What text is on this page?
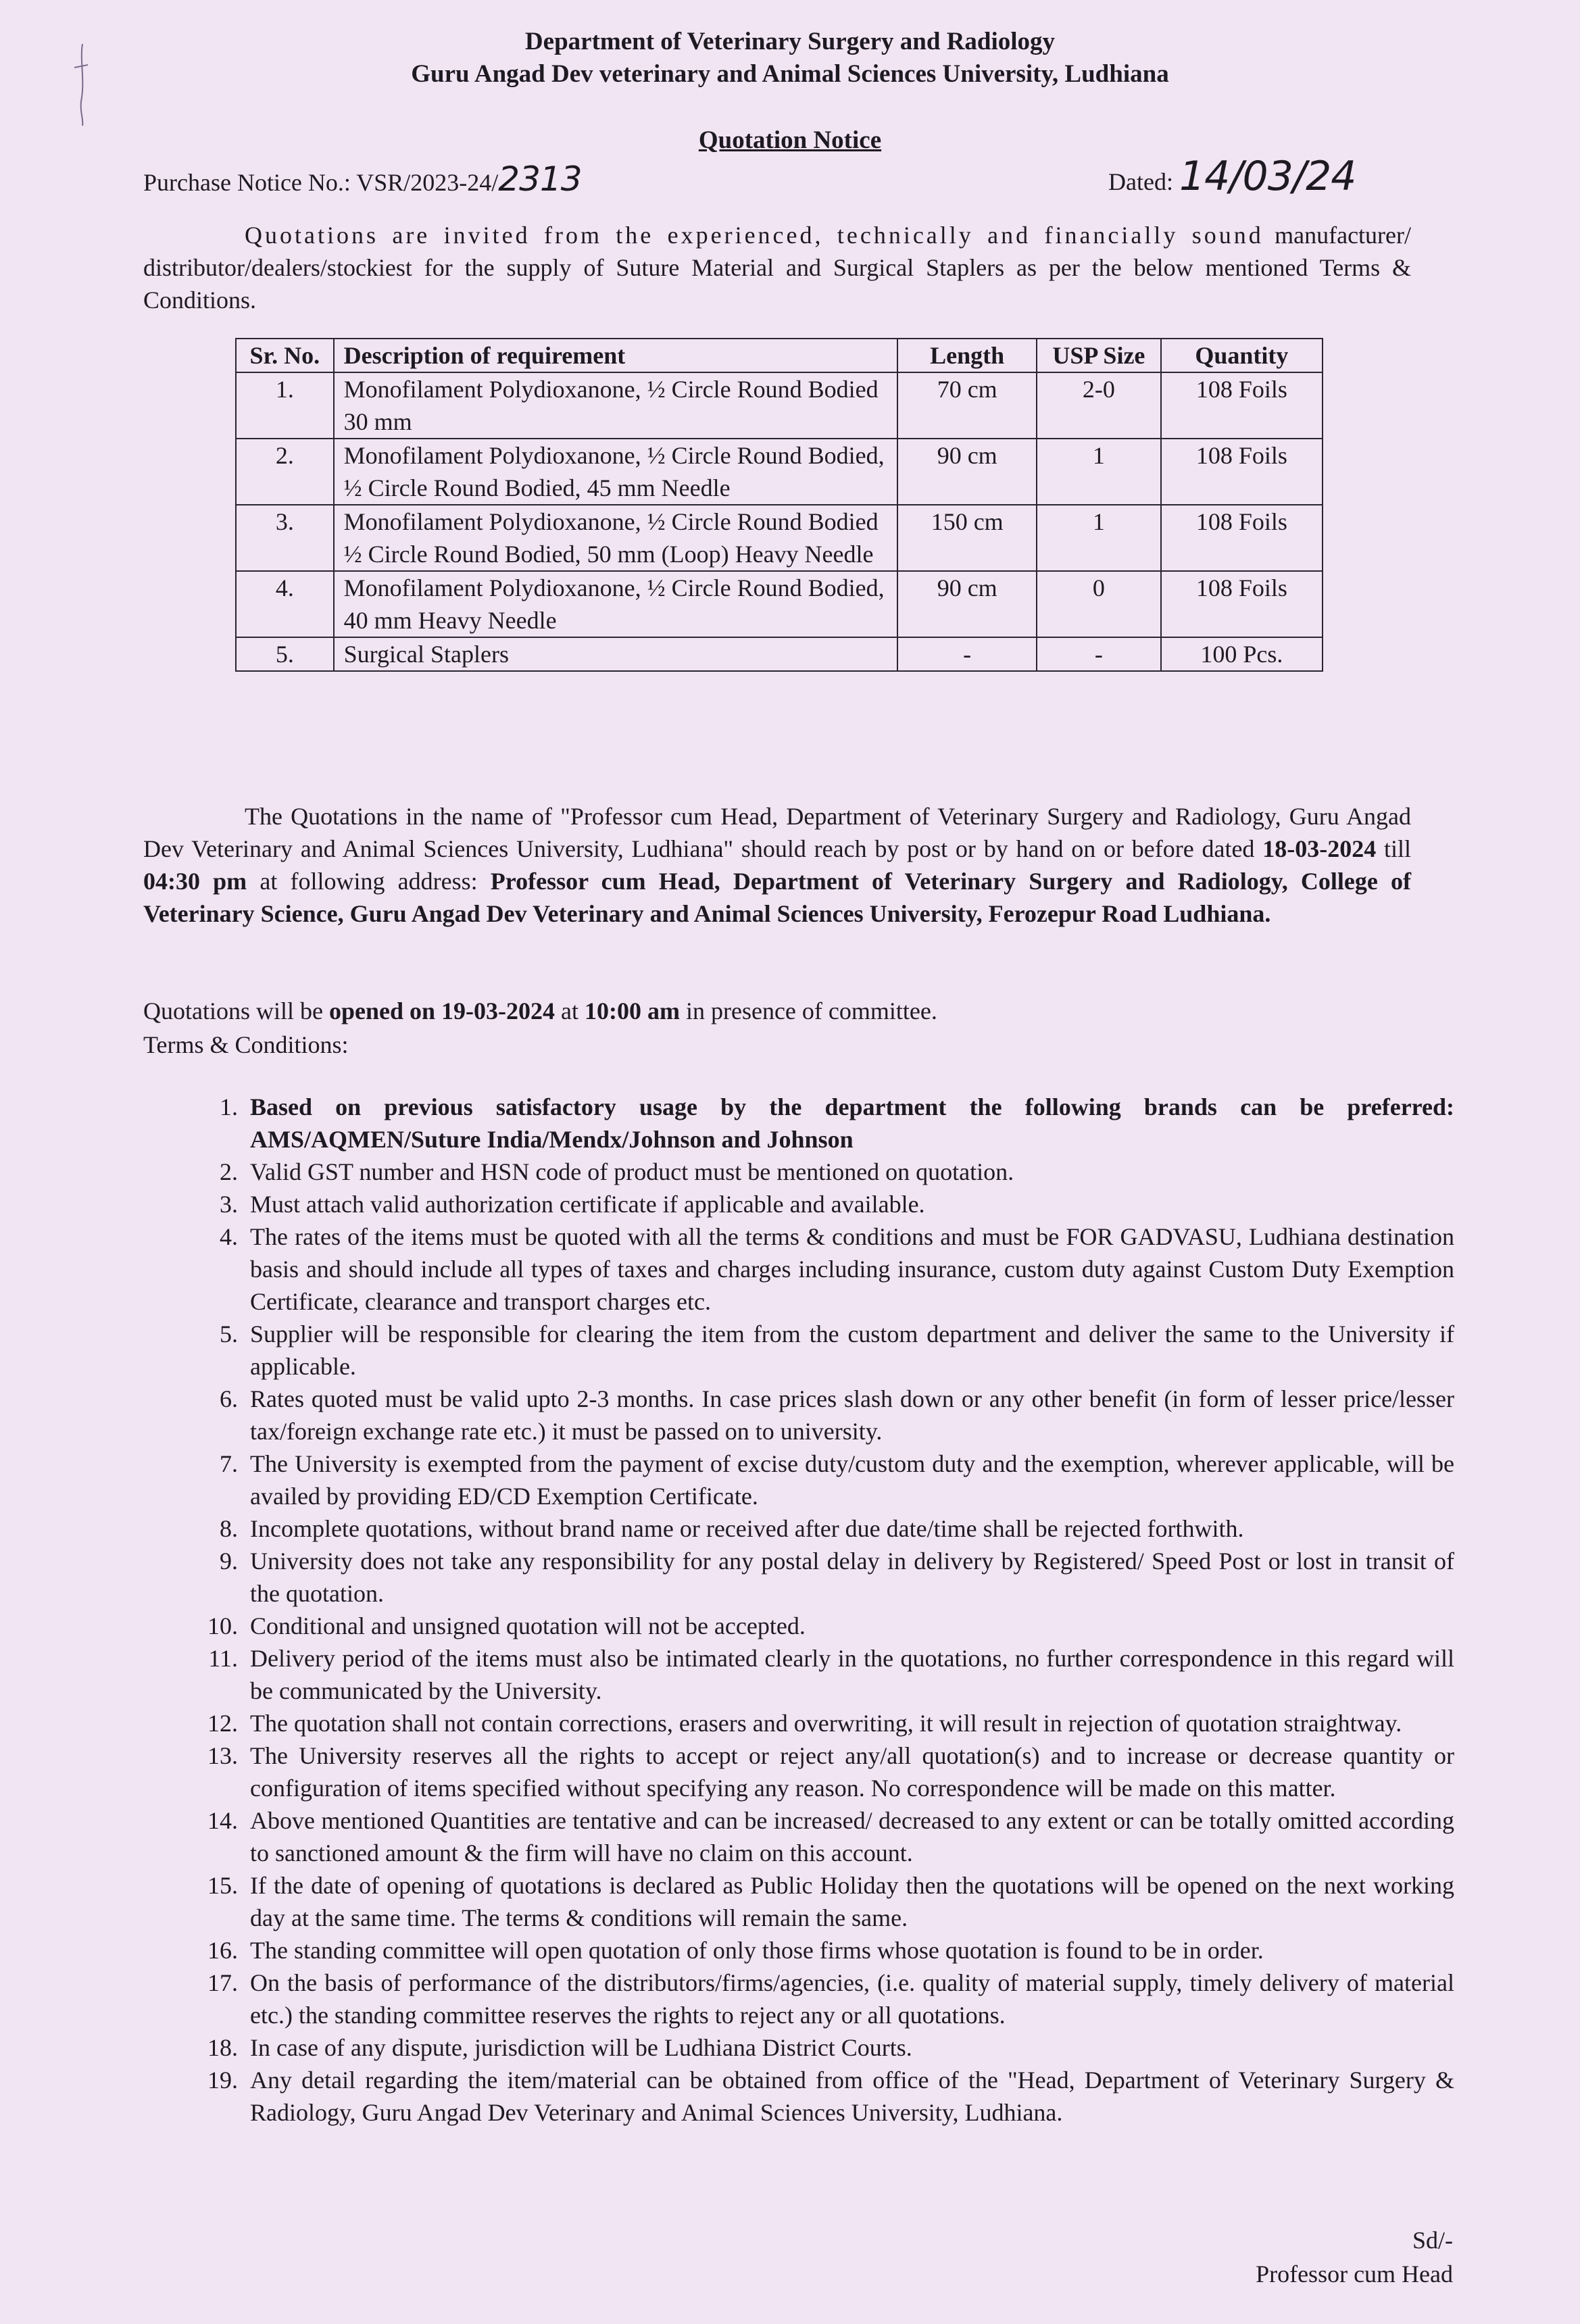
Department of Veterinary Surgery and Radiology
Guru Angad Dev veterinary and Animal Sciences University, Ludhiana
Quotation Notice
Purchase Notice No.: VSR/2023-24/2313	Dated: 14/03/24
Quotations are invited from the experienced, technically and financially sound manufacturer/ distributor/dealers/stockiest for the supply of Suture Material and Surgical Staplers as per the below mentioned Terms & Conditions.
Sr. No.	Description of requirement	Length	USP Size	Quantity
1.	Monofilament Polydioxanone, ½ Circle Round Bodied 30 mm	70 cm	2-0	108 Foils
2.	Monofilament Polydioxanone, ½ Circle Round Bodied, ½ Circle Round Bodied, 45 mm Needle	90 cm	1	108 Foils
3.	Monofilament Polydioxanone, ½ Circle Round Bodied ½ Circle Round Bodied, 50 mm (Loop) Heavy Needle	150 cm	1	108 Foils
4.	Monofilament Polydioxanone, ½ Circle Round Bodied, 40 mm Heavy Needle	90 cm	0	108 Foils
5.	Surgical Staplers	-	-	100 Pcs.
The Quotations in the name of "Professor cum Head, Department of Veterinary Surgery and Radiology, Guru Angad Dev Veterinary and Animal Sciences University, Ludhiana" should reach by post or by hand on or before dated 18-03-2024 till 04:30 pm at following address: Professor cum Head, Department of Veterinary Surgery and Radiology, College of Veterinary Science, Guru Angad Dev Veterinary and Animal Sciences University, Ferozepur Road Ludhiana.
Quotations will be opened on 19-03-2024 at 10:00 am in presence of committee.
Terms & Conditions:
1. Based on previous satisfactory usage by the department the following brands can be preferred: AMS/AQMEN/Suture India/Mendx/Johnson and Johnson
2. Valid GST number and HSN code of product must be mentioned on quotation.
3. Must attach valid authorization certificate if applicable and available.
4. The rates of the items must be quoted with all the terms & conditions and must be FOR GADVASU, Ludhiana destination basis and should include all types of taxes and charges including insurance, custom duty against Custom Duty Exemption Certificate, clearance and transport charges etc.
5. Supplier will be responsible for clearing the item from the custom department and deliver the same to the University if applicable.
6. Rates quoted must be valid upto 2-3 months. In case prices slash down or any other benefit (in form of lesser price/lesser tax/foreign exchange rate etc.) it must be passed on to university.
7. The University is exempted from the payment of excise duty/custom duty and the exemption, wherever applicable, will be availed by providing ED/CD Exemption Certificate.
8. Incomplete quotations, without brand name or received after due date/time shall be rejected forthwith.
9. University does not take any responsibility for any postal delay in delivery by Registered/ Speed Post or lost in transit of the quotation.
10. Conditional and unsigned quotation will not be accepted.
11. Delivery period of the items must also be intimated clearly in the quotations, no further correspondence in this regard will be communicated by the University.
12. The quotation shall not contain corrections, erasers and overwriting, it will result in rejection of quotation straightway.
13. The University reserves all the rights to accept or reject any/all quotation(s) and to increase or decrease quantity or configuration of items specified without specifying any reason. No correspondence will be made on this matter.
14. Above mentioned Quantities are tentative and can be increased/ decreased to any extent or can be totally omitted according to sanctioned amount & the firm will have no claim on this account.
15. If the date of opening of quotations is declared as Public Holiday then the quotations will be opened on the next working day at the same time. The terms & conditions will remain the same.
16. The standing committee will open quotation of only those firms whose quotation is found to be in order.
17. On the basis of performance of the distributors/firms/agencies, (i.e. quality of material supply, timely delivery of material etc.) the standing committee reserves the rights to reject any or all quotations.
18. In case of any dispute, jurisdiction will be Ludhiana District Courts.
19. Any detail regarding the item/material can be obtained from office of the "Head, Department of Veterinary Surgery & Radiology, Guru Angad Dev Veterinary and Animal Sciences University, Ludhiana.
Sd/-
Professor cum Head
